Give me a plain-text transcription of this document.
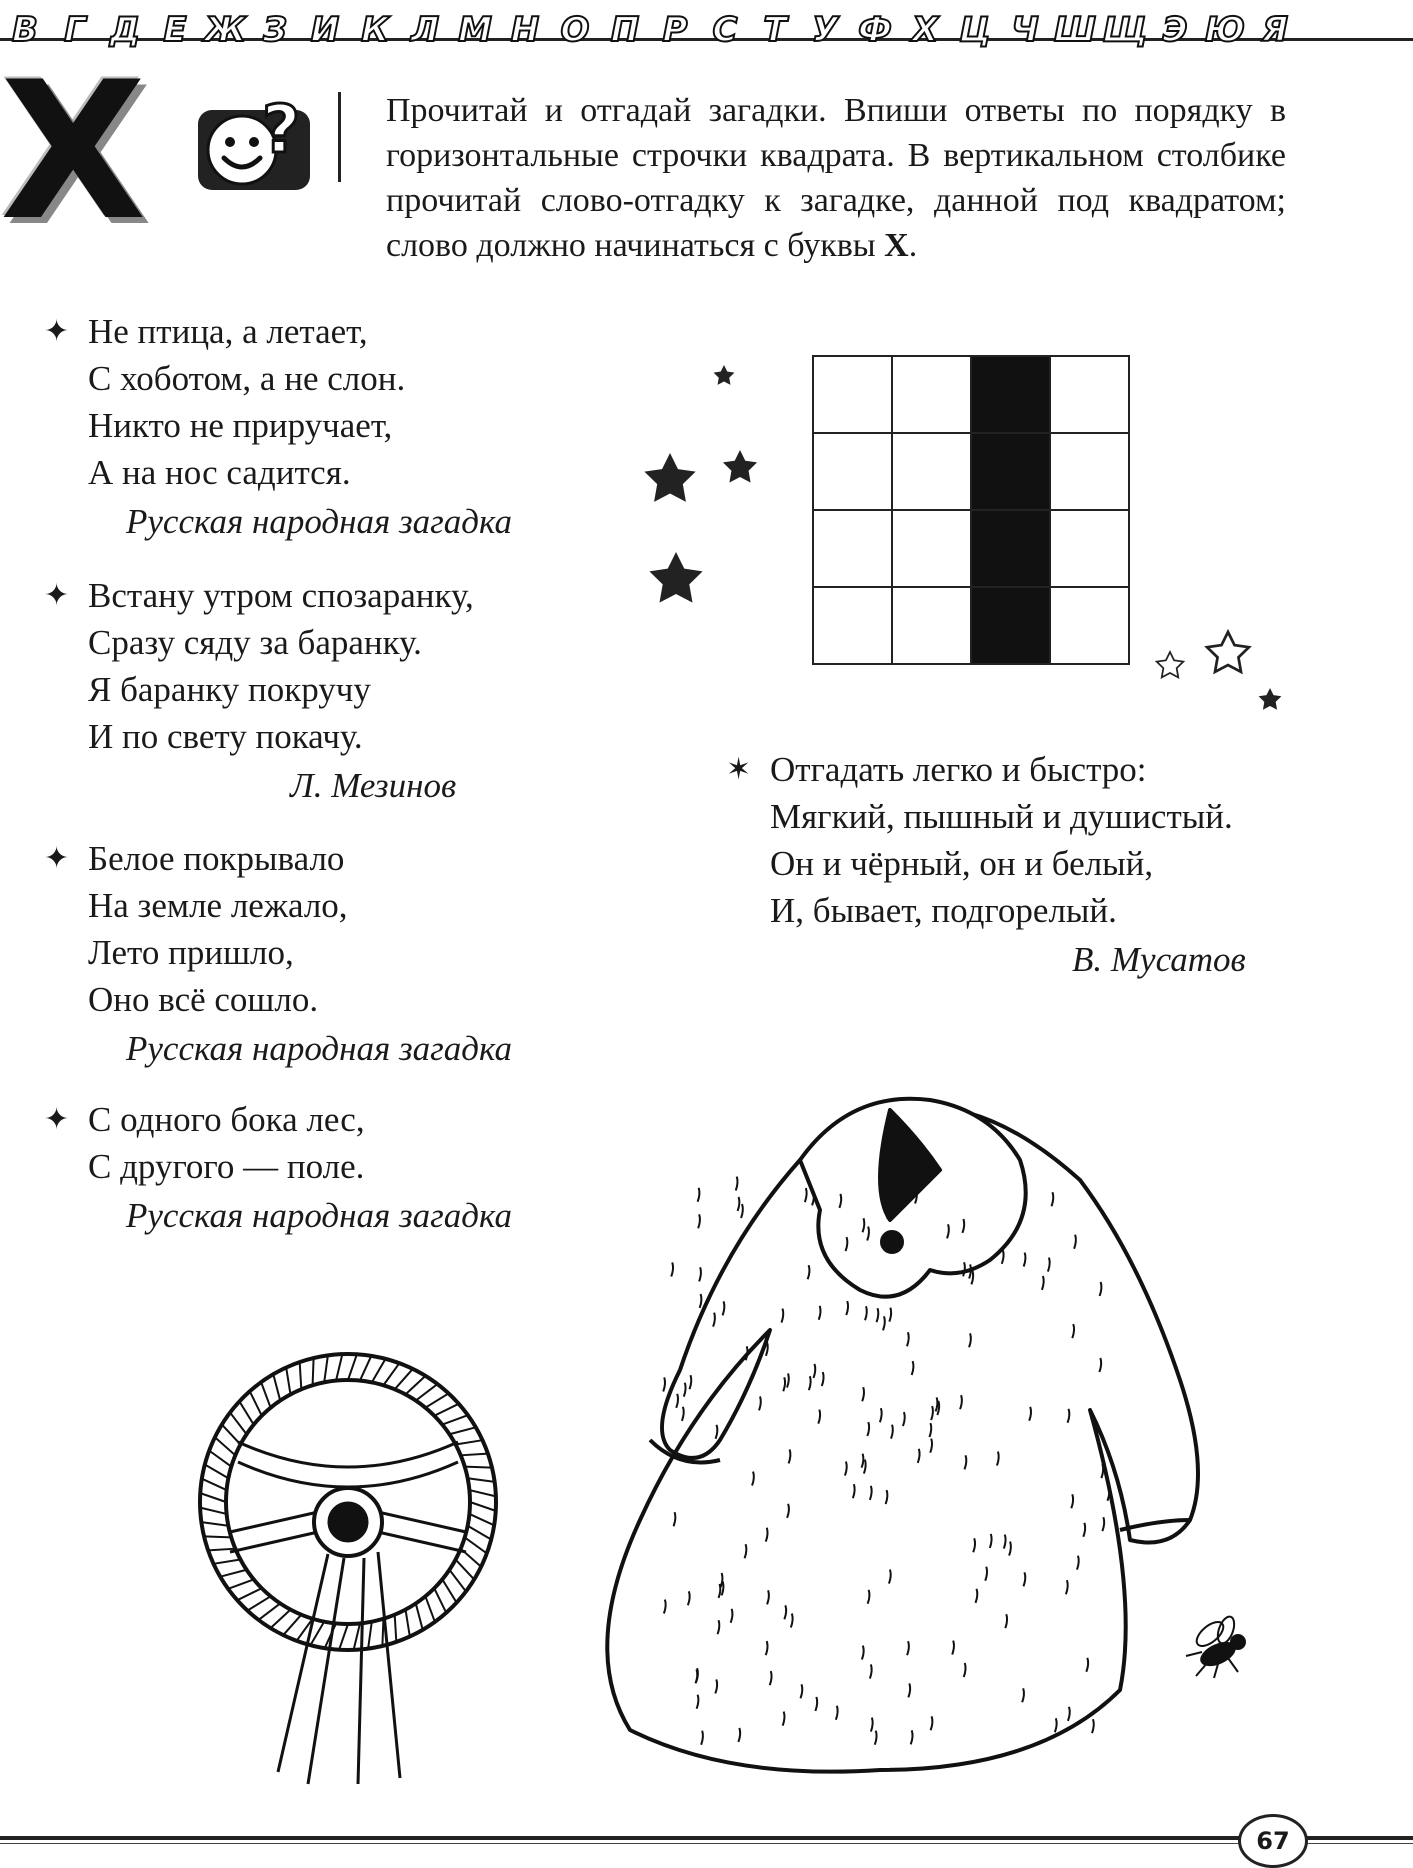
В Г Д Е Ж З И К Л М Н О П Р С Т У Ф Х Ц Ч Ш Щ Э Ю Я
Х ?	Прочитай и отгадай загадки. Впиши ответы по порядку в горизонтальные строчки квадрата. В вертикальном столбике прочитай слово-отгадку к загадке, данной под квадратом; слово должно начинаться с буквы Х.
✦ Не птица, а летает,
С хоботом, а не слон.
Никто не приручает,
А на нос садится.
Русская народная загадка
✦ Встану утром спозаранку,
Сразу сяду за баранку.
Я баранку покручу
И по свету покачу.
Л. Мезинов
✦ Белое покрывало
На земле лежало,
Лето пришло,
Оно всё сошло.
Русская народная загадка
✦ С одного бока лес,
С другого — поле.
Русская народная загадка
✶ Отгадать легко и быстро:
Мягкий, пышный и душистый.
Он и чёрный, он и белый,
И, бывает, подгорелый.
В. Мусатов

67
